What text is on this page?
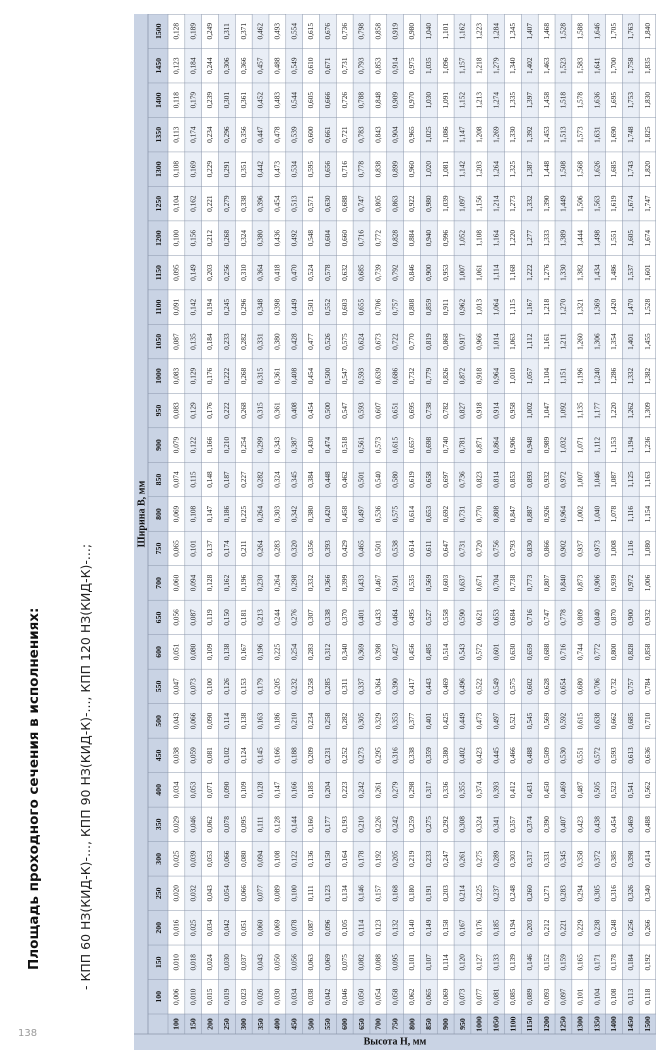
138
Площадь проходного сечения в исполнениях:	- КПП 60 НЗ(КИД-К)-..., КПП 90 НЗ(КИД-К)-..., КПП 120 НЗ(КИД-К)-...;
Высота Н, мм
Ширина В, мм
100
150
200
250
300
350
400
450
500
550
600
650
700
750
800
850
900
950
1000
1050
1100
1150
1200
1250
1300
1350
1400
1450
1500
100
0,006
0,010
0,016
0,020
0,025
0,029
0,034
0,038
0,043
0,047
0,051
0,056
0,060
0,065
0,069
0,074
0,079
0,083
0,083
0,087
0,091
0,095
0,100
0,104
0,108
0,113
0,118
0,123
0,128
150
0,010
0,018
0,025
0,032
0,039
0,046
0,053
0,059
0,066
0,073
0,080
0,087
0,094
0,101
0,108
0,115
0,122
0,129
0,129
0,135
0,142
0,149
0,156
0,162
0,169
0,174
0,179
0,184
0,189
200
0,015
0,024
0,034
0,043
0,053
0,062
0,071
0,081
0,090
0,100
0,109
0,119
0,128
0,137
0,147
0,148
0,166
0,176
0,176
0,184
0,194
0,203
0,212
0,221
0,229
0,234
0,239
0,244
0,249
250
0,019
0,030
0,042
0,054
0,066
0,078
0,090
0,102
0,114
0,126
0,138
0,150
0,162
0,174
0,186
0,187
0,210
0,222
0,222
0,233
0,245
0,256
0,268
0,279
0,291
0,296
0,301
0,306
0,311
300
0,023
0,037
0,051
0,066
0,080
0,095
0,109
0,124
0,138
0,153
0,167
0,181
0,196
0,211
0,225
0,227
0,254
0,268
0,268
0,282
0,296
0,310
0,324
0,338
0,351
0,356
0,361
0,366
0,371
350
0,026
0,043
0,060
0,077
0,094
0,111
0,128
0,145
0,163
0,179
0,196
0,213
0,230
0,264
0,264
0,282
0,299
0,315
0,315
0,331
0,348
0,364
0,380
0,396
0,442
0,447
0,452
0,457
0,462
400
0,030
0,050
0,069
0,089
0,108
0,128
0,147
0,166
0,186
0,205
0,225
0,244
0,264
0,283
0,303
0,324
0,343
0,361
0,361
0,380
0,398
0,418
0,436
0,454
0,473
0,478
0,483
0,488
0,493
450
0,034
0,056
0,078
0,100
0,122
0,144
0,166
0,188
0,210
0,232
0,254
0,276
0,298
0,320
0,342
0,345
0,387
0,408
0,408
0,428
0,449
0,470
0,492
0,513
0,534
0,539
0,544
0,549
0,554
500
0,038
0,063
0,087
0,111
0,136
0,160
0,185
0,209
0,234
0,258
0,283
0,307
0,332
0,356
0,380
0,384
0,430
0,454
0,454
0,477
0,501
0,524
0,548
0,571
0,595
0,600
0,605
0,610
0,615
550
0,042
0,069
0,096
0,123
0,150
0,177
0,204
0,231
0,258
0,285
0,312
0,338
0,366
0,393
0,420
0,448
0,474
0,500
0,500
0,526
0,552
0,578
0,604
0,630
0,656
0,661
0,666
0,671
0,676
600
0,046
0,075
0,105
0,134
0,164
0,193
0,223
0,252
0,282
0,311
0,340
0,370
0,399
0,429
0,458
0,462
0,518
0,547
0,547
0,575
0,603
0,632
0,660
0,688
0,716
0,721
0,726
0,731
0,736
650
0,050
0,082
0,114
0,146
0,178
0,210
0,242
0,273
0,305
0,337
0,369
0,401
0,433
0,465
0,497
0,501
0,561
0,593
0,593
0,624
0,655
0,685
0,716
0,747
0,778
0,783
0,788
0,793
0,798
700
0,054
0,088
0,123
0,157
0,192
0,226
0,261
0,295
0,329
0,364
0,398
0,433
0,467
0,501
0,536
0,540
0,573
0,607
0,639
0,673
0,706
0,739
0,772
0,805
0,838
0,843
0,848
0,853
0,858
750
0,058
0,095
0,132
0,168
0,205
0,242
0,279
0,316
0,353
0,390
0,427
0,464
0,501
0,538
0,575
0,580
0,615
0,651
0,686
0,722
0,757
0,792
0,828
0,863
0,899
0,904
0,909
0,914
0,919
800
0,062
0,101
0,140
0,180
0,219
0,259
0,298
0,338
0,377
0,417
0,456
0,495
0,535
0,614
0,614
0,619
0,657
0,695
0,732
0,770
0,808
0,846
0,884
0,922
0,960
0,965
0,970
0,975
0,980
850
0,065
0,107
0,149
0,191
0,233
0,275
0,317
0,359
0,401
0,443
0,485
0,527
0,569
0,611
0,653
0,658
0,698
0,738
0,779
0,819
0,859
0,900
0,940
0,980
1,020
1,025
1,030
1,035
1,040
900
0,069
0,114
0,158
0,203
0,247
0,292
0,336
0,380
0,425
0,469
0,514
0,558
0,603
0,647
0,692
0,697
0,740
0,782
0,826
0,868
0,911
0,953
0,996
1,039
1,081
1,086
1,091
1,096
1,101
950
0,073
0,120
0,167
0,214
0,261
0,308
0,355
0,402
0,449
0,496
0,543
0,590
0,637
0,731
0,731
0,736
0,781
0,827
0,872
0,917
0,962
1,007
1,052
1,097
1,142
1,147
1,152
1,157
1,162
1000
0,077
0,127
0,176
0,225
0,275
0,324
0,374
0,423
0,473
0,522
0,572
0,621
0,671
0,720
0,770
0,823
0,871
0,918
0,918
0,966
1,013
1,061
1,108
1,156
1,203
1,208
1,213
1,218
1,223
1050
0,081
0,133
0,185
0,237
0,289
0,341
0,393
0,445
0,497
0,549
0,601
0,653
0,704
0,756
0,808
0,814
0,864
0,914
0,964
1,014
1,064
1,114
1,164
1,214
1,264
1,269
1,274
1,279
1,284
1100
0,085
0,139
0,194
0,248
0,303
0,357
0,412
0,466
0,521
0,575
0,630
0,684
0,738
0,793
0,847
0,853
0,906
0,958
1,010
1,063
1,115
1,168
1,220
1,273
1,325
1,330
1,335
1,340
1,345
1150
0,089
0,146
0,203
0,260
0,317
0,374
0,431
0,488
0,545
0,602
0,659
0,716
0,773
0,830
0,887
0,893
0,948
1,002
1,057
1,112
1,167
1,222
1,277
1,332
1,387
1,392
1,397
1,402
1,407
1200
0,093
0,152
0,212
0,271
0,331
0,390
0,450
0,509
0,569
0,628
0,688
0,747
0,807
0,866
0,926
0,932
0,989
1,047
1,104
1,161
1,218
1,276
1,333
1,390
1,448
1,453
1,458
1,463
1,468
1250
0,097
0,159
0,221
0,283
0,345
0,407
0,469
0,530
0,592
0,654
0,716
0,778
0,840
0,902
0,964
0,972
1,032
1,092
1,151
1,211
1,270
1,330
1,389
1,449
1,508
1,513
1,518
1,523
1,528
1300
0,101
0,165
0,229
0,294
0,358
0,423
0,487
0,551
0,615
0,680
0,744
0,809
0,873
0,937
1,002
1,007
1,071
1,135
1,196
1,260
1,321
1,382
1,444
1,506
1,568
1,573
1,578
1,583
1,588
1350
0,104
0,171
0,238
0,305
0,372
0,438
0,505
0,572
0,638
0,706
0,772
0,840
0,906
0,973
1,040
1,046
1,112
1,177
1,240
1,306
1,369
1,434
1,498
1,563
1,626
1,631
1,636
1,641
1,646
1400
0,108
0,178
0,248
0,316
0,385
0,454
0,523
0,593
0,662
0,732
0,800
0,870
0,939
1,008
1,078
1,087
1,153
1,220
1,286
1,354
1,420
1,486
1,551
1,619
1,685
1,690
1,695
1,700
1,705
1450
0,113
0,184
0,256
0,326
0,398
0,469
0,541
0,613
0,685
0,757
0,828
0,900
0,972
1,116
1,116
1,125
1,194
1,262
1,332
1,401
1,470
1,537
1,605
1,674
1,743
1,748
1,753
1,758
1,763
1500
0,118
0,192
0,266
0,340
0,414
0,488
0,562
0,636
0,710
0,784
0,858
0,932
1,006
1,080
1,154
1,163
1,236
1,309
1,382
1,455
1,528
1,601
1,674
1,747
1,820
1,825
1,830
1,835
1,840
